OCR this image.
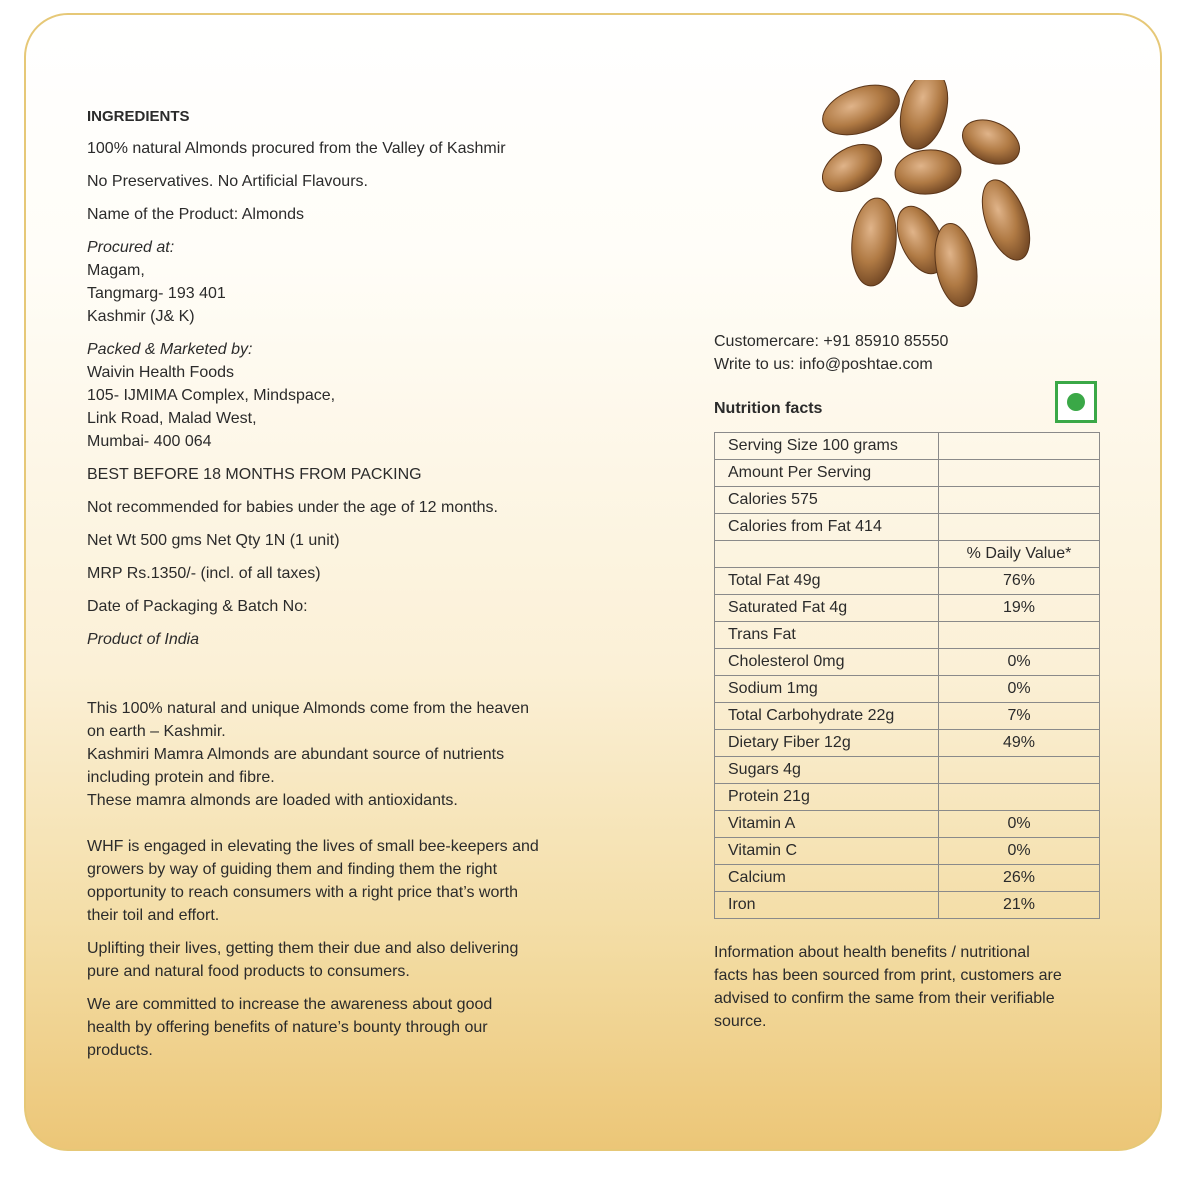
INGREDIENTS

100% natural Almonds procured from the Valley of Kashmir

No Preservatives. No Artificial Flavours.

Name of the Product: Almonds

Procured at:

Magam,

Tangmarg- 193 401

Kashmir (J& K)

Packed & Marketed by:

Waivin Health Foods

105- IJMIMA Complex, Mindspace,

Link Road, Malad West,

Mumbai- 400 064

BEST BEFORE 18 MONTHS FROM PACKING

Not recommended for babies under the age of 12 months.

Net Wt 500 gms Net Qty 1N (1 unit)

MRP Rs.1350/- (incl. of all taxes)

Date of Packaging & Batch No:

Product of India

This 100% natural and unique Almonds come from the heaven

on earth – Kashmir.

Kashmiri Mamra Almonds are abundant source of nutrients

including protein and fibre.

These mamra almonds are loaded with antioxidants.

WHF is engaged in elevating the lives of small bee-keepers and

growers by way of guiding them and finding them the right

opportunity to reach consumers with a right price that’s worth

their toil and effort.

Uplifting their lives, getting them their due and also delivering

pure and natural food products to consumers.

We are committed to increase the awareness about good

health by offering benefits of nature’s bounty through our

products.

Customercare: +91 85910 85550

Write to us: info@poshtae.com

Nutrition facts
Serving Size 100 grams	
Amount Per Serving	
Calories 575	
Calories from Fat 414	
	% Daily Value*
Total Fat 49g	76%
Saturated Fat 4g	19%
Trans Fat	
Cholesterol 0mg	0%
Sodium 1mg	0%
Total Carbohydrate 22g	7%
Dietary Fiber 12g	49%
Sugars 4g	
Protein 21g	
Vitamin A	0%
Vitamin C	0%
Calcium	26%
Iron	21%
Information about health benefits / nutritional
facts has been sourced from print, customers are
advised to confirm the same from their verifiable
source.
